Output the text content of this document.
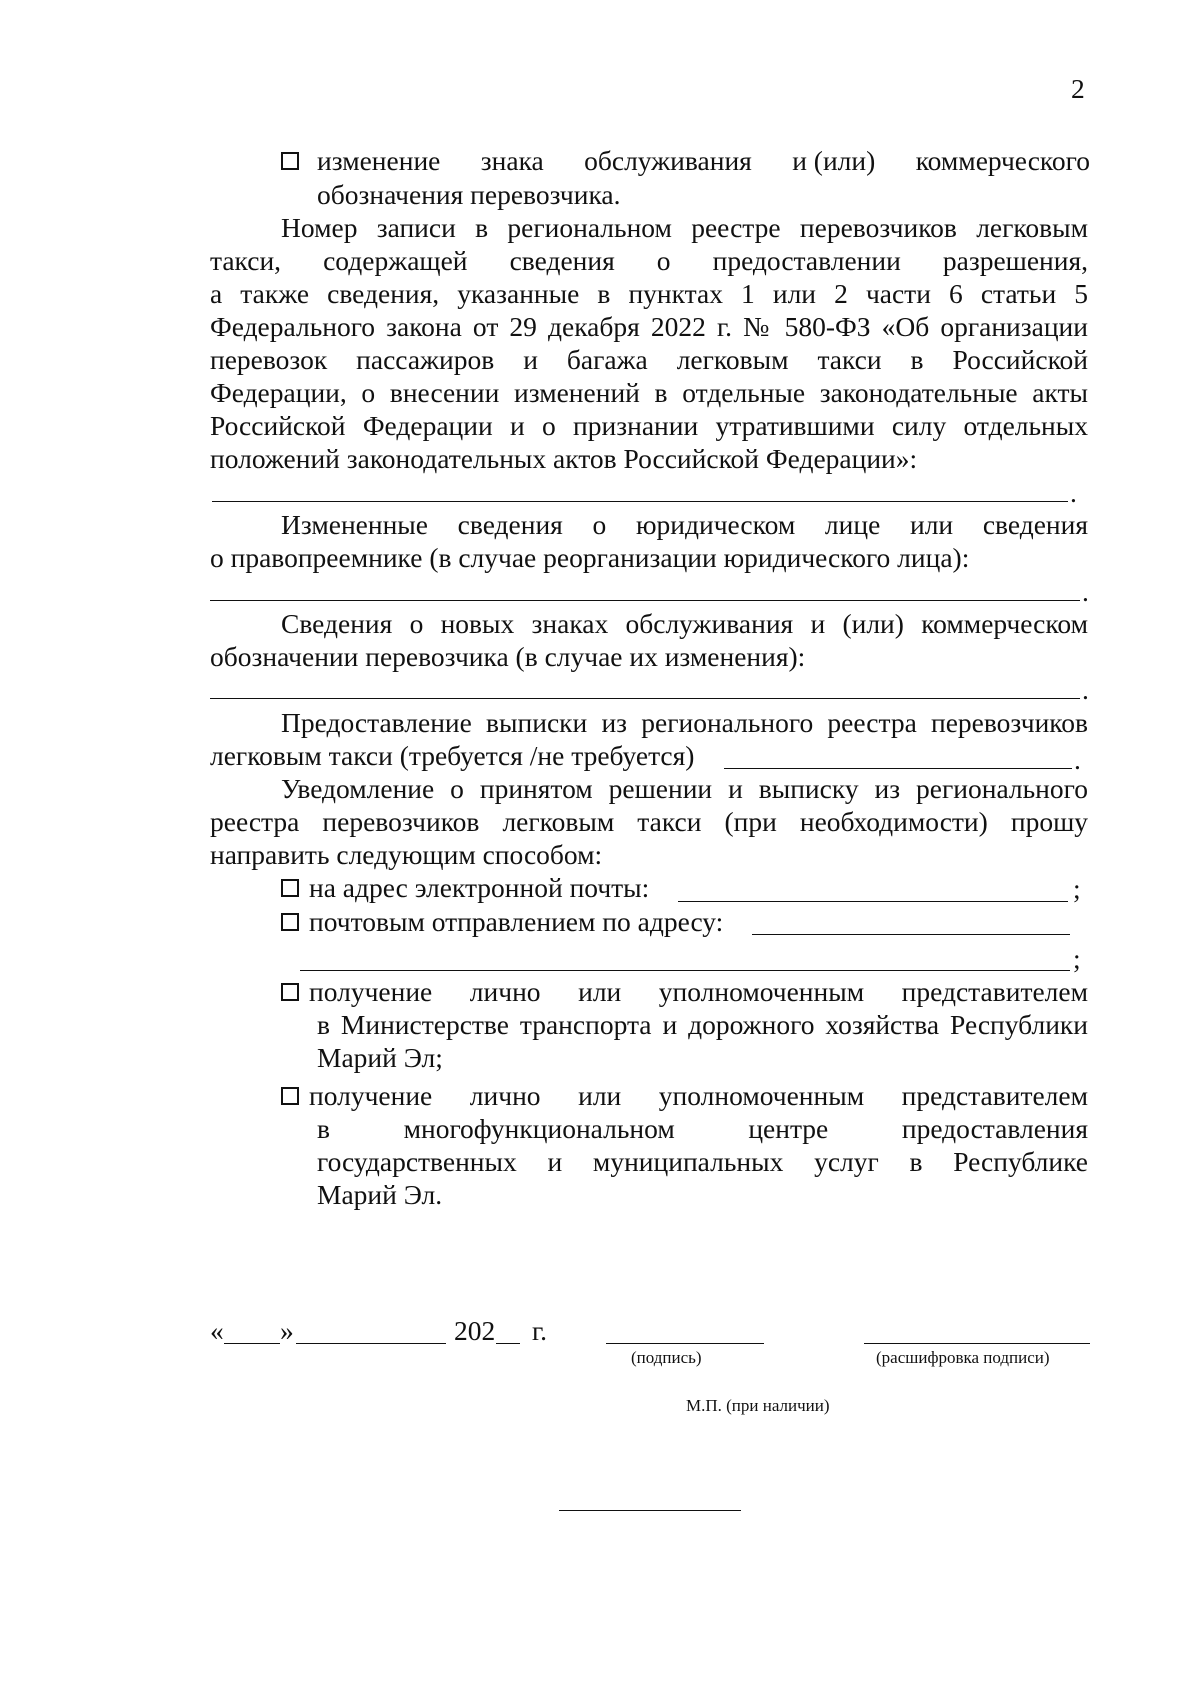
2
изменение знака обслуживания и (или) коммерческого
обозначения перевозчика.
Номер записи в региональном реестре перевозчиков легковым
такси, содержащей сведения о предоставлении разрешения,
а также сведения, указанные в пунктах 1 или 2 части 6 статьи 5
Федерального закона от 29 декабря 2022 г. № 580-ФЗ «Об организации
перевозок пассажиров и багажа легковым такси в Российской
Федерации, о внесении изменений в отдельные законодательные акты
Российской Федерации и о признании утратившими силу отдельных
положений законодательных актов Российской Федерации»:
.
Измененные сведения о юридическом лице или сведения
о правопреемнике (в случае реорганизации юридического лица):
.
Сведения о новых знаках обслуживания и (или) коммерческом
обозначении перевозчика (в случае их изменения):
.
Предоставление выписки из регионального реестра перевозчиков
легковым такси (требуется /не требуется)	.
Уведомление о принятом решении и выписку из регионального
реестра перевозчиков легковым такси (при необходимости) прошу
направить следующим способом:
на адрес электронной почты:	;
почтовым отправлением по адресу:
;
получение лично или уполномоченным представителем
в Министерстве транспорта и дорожного хозяйства Республики
Марий Эл;
получение лично или уполномоченным представителем
в многофункциональном центре предоставления
государственных и муниципальных услуг в Республике
Марий Эл.
« »	202 г.
(подпись)	(расшифровка подписи)
М.П. (при наличии)
